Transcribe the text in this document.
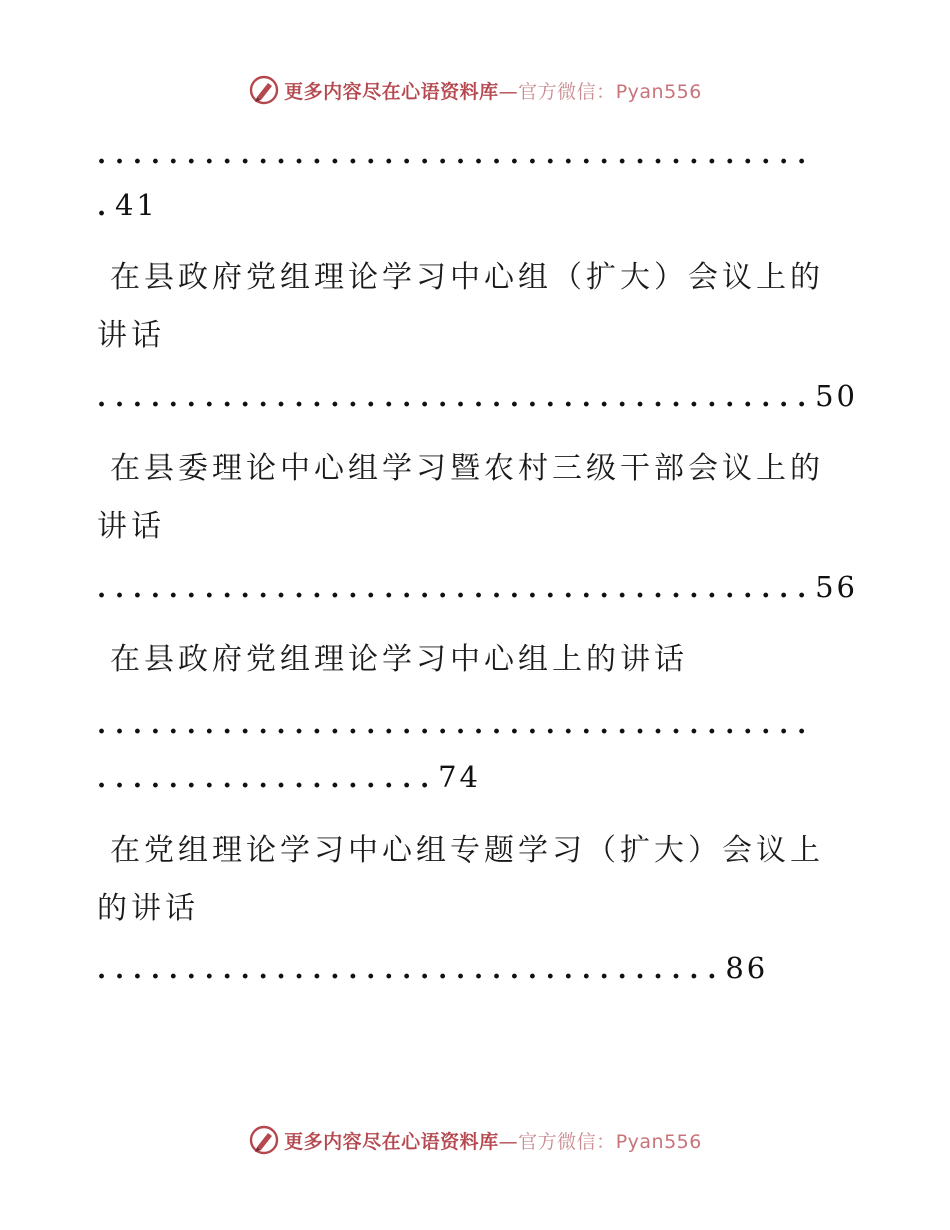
更多内容尽在心语资料库—官方微信：Pyan556
........................................
.41
在县政府党组理论学习中心组（扩大）会议上的
讲话
........................................50
在县委理论中心组学习暨农村三级干部会议上的
讲话
........................................56
在县政府党组理论学习中心组上的讲话
........................................
...................74
在党组理论学习中心组专题学习（扩大）会议上
的讲话
...................................86
更多内容尽在心语资料库—官方微信：Pyan556
